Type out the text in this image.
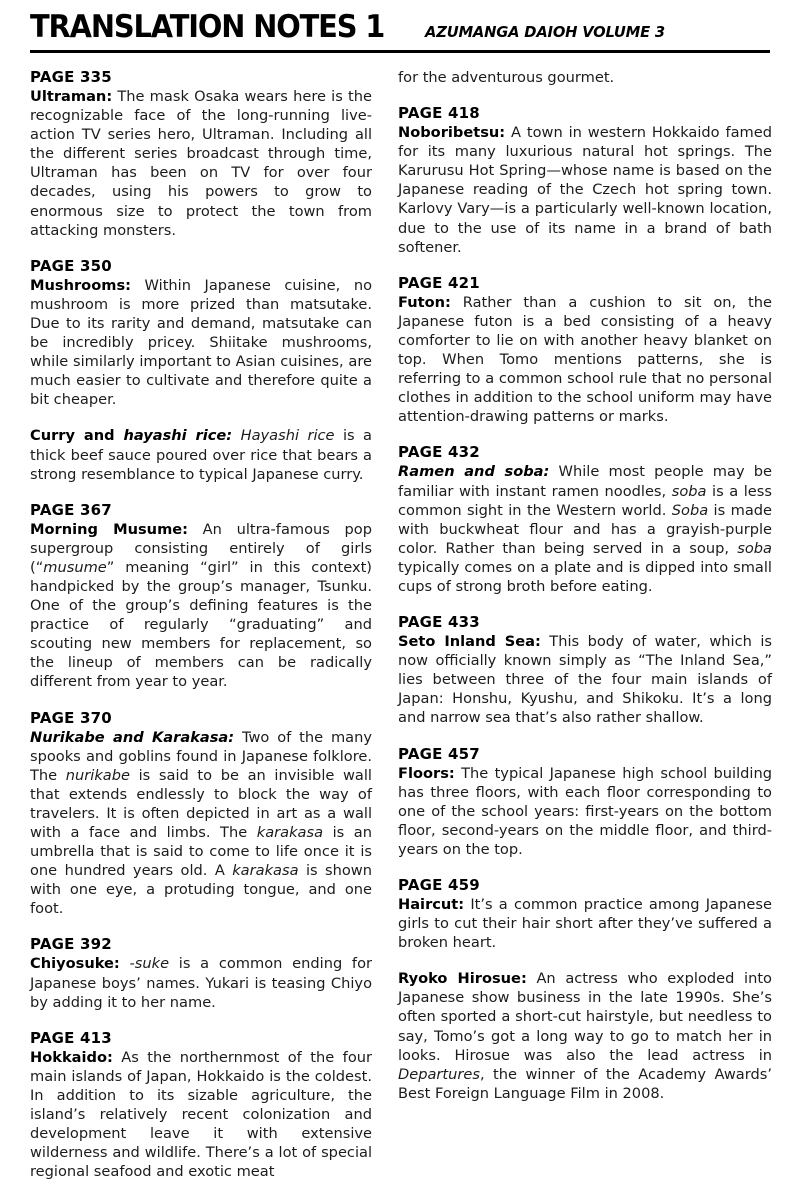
TRANSLATION NOTES 1	AZUMANGA DAIOH VOLUME 3
PAGE 335

Ultraman: The mask Osaka wears here is the recognizable face of the long-running live-action TV series hero, Ultraman. Including all the different series broadcast through time, Ultraman has been on TV for over four decades, using his powers to grow to enormous size to protect the town from attacking monsters.

PAGE 350

Mushrooms: Within Japanese cuisine, no mushroom is more prized than matsutake. Due to its rarity and demand, matsutake can be incredibly pricey. Shiitake mushrooms, while similarly important to Asian cuisines, are much easier to cultivate and therefore quite a bit cheaper.

Curry and hayashi rice: Hayashi rice is a thick beef sauce poured over rice that bears a strong resemblance to typical Japanese curry.

PAGE 367

Morning Musume: An ultra-famous pop supergroup consisting entirely of girls (“musume” meaning “girl” in this context) handpicked by the group’s manager, Tsunku. One of the group’s defining features is the practice of regularly “graduating” and scouting new members for replacement, so the lineup of members can be radically different from year to year.

PAGE 370

Nurikabe and Karakasa: Two of the many spooks and goblins found in Japanese folklore. The nurikabe is said to be an invisible wall that extends endlessly to block the way of travelers. It is often depicted in art as a wall with a face and limbs. The karakasa is an umbrella that is said to come to life once it is one hundred years old. A karakasa is shown with one eye, a protuding tongue, and one foot.

PAGE 392

Chiyosuke: -suke is a common ending for Japanese boys’ names. Yukari is teasing Chiyo by adding it to her name.

PAGE 413

Hokkaido: As the northernmost of the four main islands of Japan, Hokkaido is the coldest. In addition to its sizable agriculture, the island’s relatively recent colonization and development leave it with extensive wilderness and wildlife. There’s a lot of special regional seafood and exotic meat

for the adventurous gourmet.

PAGE 418

Noboribetsu: A town in western Hokkaido famed for its many luxurious natural hot springs. The Karurusu Hot Spring—whose name is based on the Japanese reading of the Czech hot spring town. Karlovy Vary—is a particularly well-known location, due to the use of its name in a brand of bath softener.

PAGE 421

Futon: Rather than a cushion to sit on, the Japanese futon is a bed consisting of a heavy comforter to lie on with another heavy blanket on top. When Tomo mentions patterns, she is referring to a common school rule that no personal clothes in addition to the school uniform may have attention-drawing patterns or marks.

PAGE 432

Ramen and soba: While most people may be familiar with instant ramen noodles, soba is a less common sight in the Western world. Soba is made with buckwheat flour and has a grayish-purple color. Rather than being served in a soup, soba typically comes on a plate and is dipped into small cups of strong broth before eating.

PAGE 433

Seto Inland Sea: This body of water, which is now officially known simply as “The Inland Sea,” lies between three of the four main islands of Japan: Honshu, Kyushu, and Shikoku. It’s a long and narrow sea that’s also rather shallow.

PAGE 457

Floors: The typical Japanese high school building has three floors, with each floor corresponding to one of the school years: first-years on the bottom floor, second-years on the middle floor, and third-years on the top.

PAGE 459

Haircut: It’s a common practice among Japanese girls to cut their hair short after they’ve suffered a broken heart.

Ryoko Hirosue: An actress who exploded into Japanese show business in the late 1990s. She’s often sported a short-cut hairstyle, but needless to say, Tomo’s got a long way to go to match her in looks. Hirosue was also the lead actress in Departures, the winner of the Academy Awards’ Best Foreign Language Film in 2008.
